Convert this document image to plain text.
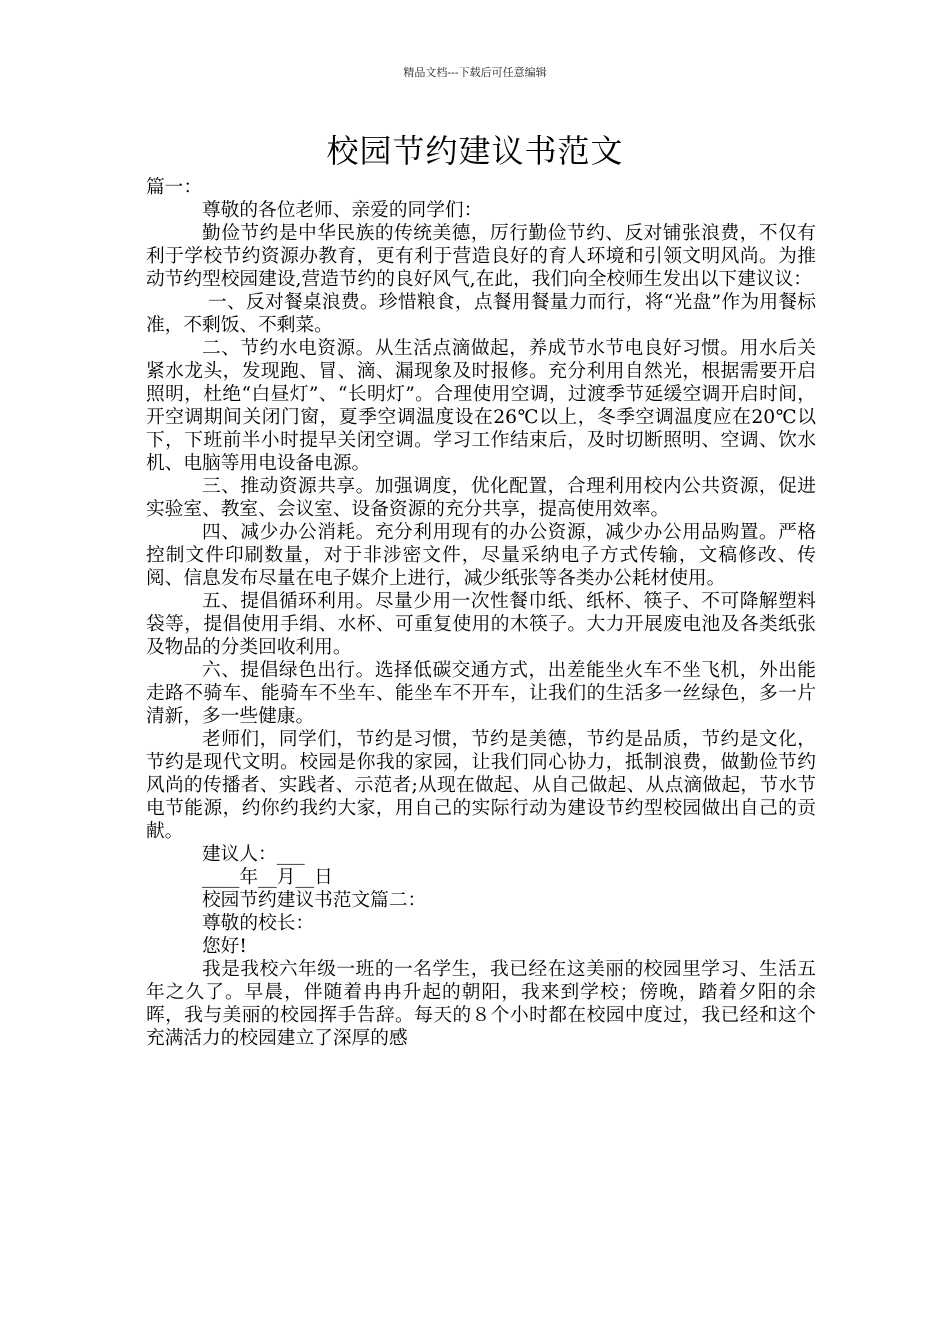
精品文档---下载后可任意编辑
校园节约建议书范文

篇一：

尊敬的各位老师、亲爱的同学们：

勤俭节约是中华民族的传统美德，厉行勤俭节约、反对铺张浪费，不仅有利于学校节约资源办教育，更有利于营造良好的育人环境和引领文明风尚。为推动节约型校园建设,营造节约的良好风气,在此，我们向全校师生发出以下建议议：

一、反对餐桌浪费。珍惜粮食，点餐用餐量力而行，将“光盘”作为用餐标准，不剩饭、不剩菜。

二、节约水电资源。从生活点滴做起，养成节水节电良好习惯。用水后关紧水龙头，发现跑、冒、滴、漏现象及时报修。充分利用自然光，根据需要开启照明，杜绝“白昼灯”、“长明灯”。合理使用空调，过渡季节延缓空调开启时间，开空调期间关闭门窗，夏季空调温度设在26℃以上，冬季空调温度应在20℃以下，下班前半小时提早关闭空调。学习工作结束后，及时切断照明、空调、饮水机、电脑等用电设备电源。

三、推动资源共享。加强调度，优化配置，合理利用校内公共资源，促进实验室、教室、会议室、设备资源的充分共享，提高使用效率。

四、减少办公消耗。充分利用现有的办公资源，减少办公用品购置。严格控制文件印刷数量，对于非涉密文件，尽量采纳电子方式传输，文稿修改、传阅、信息发布尽量在电子媒介上进行，减少纸张等各类办公耗材使用。

五、提倡循环利用。尽量少用一次性餐巾纸、纸杯、筷子、不可降解塑料袋等，提倡使用手绢、水杯、可重复使用的木筷子。大力开展废电池及各类纸张及物品的分类回收利用。

六、提倡绿色出行。选择低碳交通方式，出差能坐火车不坐飞机，外出能走路不骑车、能骑车不坐车、能坐车不开车，让我们的生活多一丝绿色，多一片清新，多一些健康。

老师们，同学们，节约是习惯，节约是美德，节约是品质，节约是文化，节约是现代文明。校园是你我的家园，让我们同心协力，抵制浪费，做勤俭节约风尚的传播者、实践者、示范者;从现在做起、从自己做起、从点滴做起，节水节电节能源，约你约我约大家，用自己的实际行动为建设节约型校园做出自己的贡献。

建议人：___

____年__月__日

校园节约建议书范文篇二：

尊敬的校长：

您好!

我是我校六年级一班的一名学生，我已经在这美丽的校园里学习、生活五年之久了。早晨，伴随着冉冉升起的朝阳，我来到学校；傍晚，踏着夕阳的余晖，我与美丽的校园挥手告辞。每天的８个小时都在校园中度过，我已经和这个充满活力的校园建立了深厚的感
